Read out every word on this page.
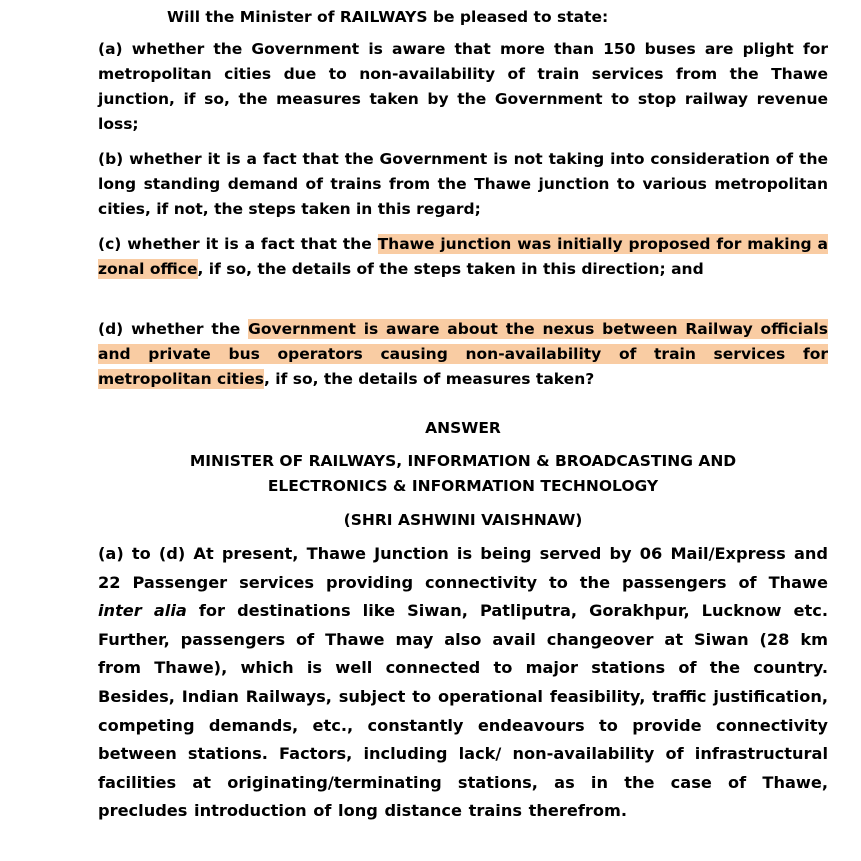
Will the Minister of RAILWAYS be pleased to state:
(a) whether the Government is aware that more than 150 buses are plight for metropolitan cities due to non-availability of train services from the Thawe junction, if so, the measures taken by the Government to stop railway revenue loss;
(b) whether it is a fact that the Government is not taking into consideration of the long standing demand of trains from the Thawe junction to various metropolitan cities, if not, the steps taken in this regard;
(c) whether it is a fact that the Thawe junction was initially proposed for making a zonal office, if so, the details of the steps taken in this direction; and
(d) whether the Government is aware about the nexus between Railway officials and private bus operators causing non-availability of train services for metropolitan cities, if so, the details of measures taken?
ANSWER
MINISTER OF RAILWAYS, INFORMATION & BROADCASTING AND
ELECTRONICS & INFORMATION TECHNOLOGY
(SHRI ASHWINI VAISHNAW)
(a) to (d) At present, Thawe Junction is being served by 06 Mail/Express and 22 Passenger services providing connectivity to the passengers of Thawe inter alia for destinations like Siwan, Patliputra, Gorakhpur, Lucknow etc. Further, passengers of Thawe may also avail changeover at Siwan (28 km from Thawe), which is well connected to major stations of the country. Besides, Indian Railways, subject to operational feasibility, traffic justification, competing demands, etc., constantly endeavours to provide connectivity between stations. Factors, including lack/ non-availability of infrastructural facilities at originating/terminating stations, as in the case of Thawe, precludes introduction of long distance trains therefrom.
